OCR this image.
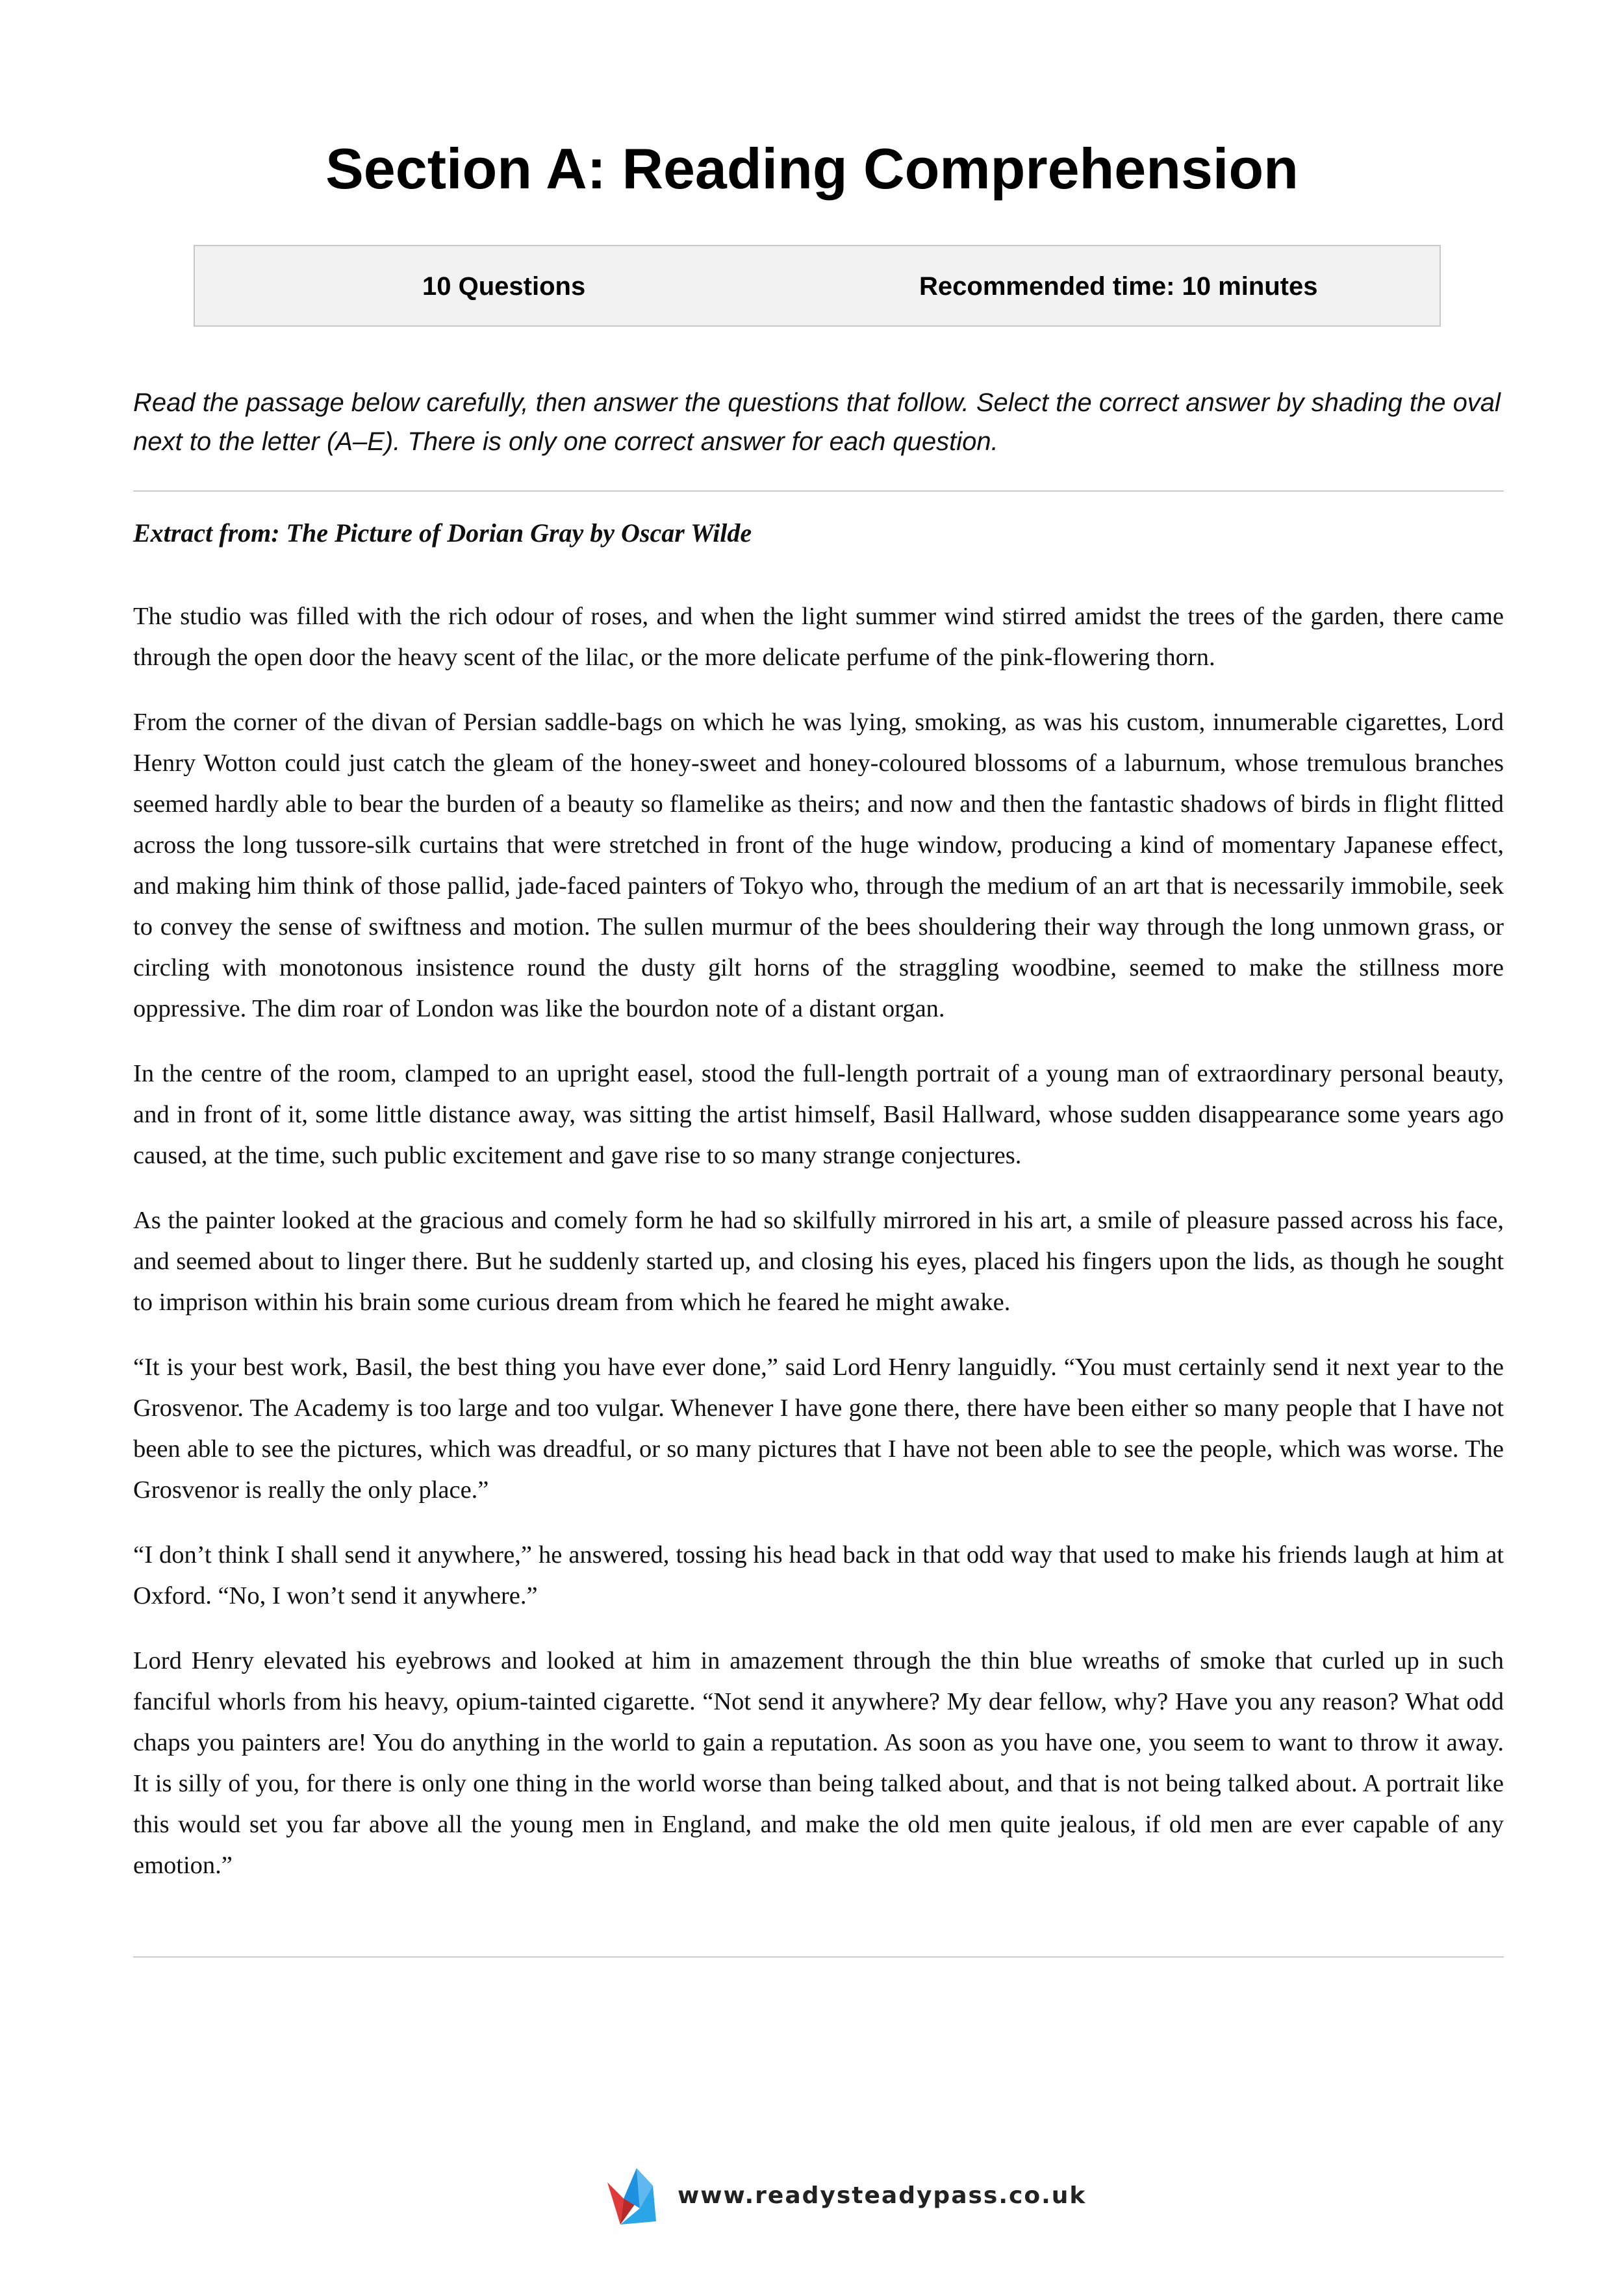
Section A: Reading Comprehension
10 Questions	Recommended time: 10 minutes

Read the passage below carefully, then answer the questions that follow. Select the correct answer by shading the oval next to the letter (A–E). There is only one correct answer for each question.

Extract from: The Picture of Dorian Gray by Oscar Wilde

The studio was filled with the rich odour of roses, and when the light summer wind stirred amidst the trees of the garden, there came through the open door the heavy scent of the lilac, or the more delicate perfume of the pink-flowering thorn.

From the corner of the divan of Persian saddle-bags on which he was lying, smoking, as was his custom, innumerable cigarettes, Lord Henry Wotton could just catch the gleam of the honey-sweet and honey-coloured blossoms of a laburnum, whose tremulous branches seemed hardly able to bear the burden of a beauty so flamelike as theirs; and now and then the fantastic shadows of birds in flight flitted across the long tussore-silk curtains that were stretched in front of the huge window, producing a kind of momentary Japanese effect, and making him think of those pallid, jade-faced painters of Tokyo who, through the medium of an art that is necessarily immobile, seek to convey the sense of swiftness and motion. The sullen murmur of the bees shouldering their way through the long unmown grass, or circling with monotonous insistence round the dusty gilt horns of the straggling woodbine, seemed to make the stillness more oppressive. The dim roar of London was like the bourdon note of a distant organ.

In the centre of the room, clamped to an upright easel, stood the full-length portrait of a young man of extraordinary personal beauty, and in front of it, some little distance away, was sitting the artist himself, Basil Hallward, whose sudden disappearance some years ago caused, at the time, such public excitement and gave rise to so many strange conjectures.

As the painter looked at the gracious and comely form he had so skilfully mirrored in his art, a smile of pleasure passed across his face, and seemed about to linger there. But he suddenly started up, and closing his eyes, placed his fingers upon the lids, as though he sought to imprison within his brain some curious dream from which he feared he might awake.

“It is your best work, Basil, the best thing you have ever done,” said Lord Henry languidly. “You must certainly send it next year to the Grosvenor. The Academy is too large and too vulgar. Whenever I have gone there, there have been either so many people that I have not been able to see the pictures, which was dreadful, or so many pictures that I have not been able to see the people, which was worse. The Grosvenor is really the only place.”

“I don’t think I shall send it anywhere,” he answered, tossing his head back in that odd way that used to make his friends laugh at him at Oxford. “No, I won’t send it anywhere.”

Lord Henry elevated his eyebrows and looked at him in amazement through the thin blue wreaths of smoke that curled up in such fanciful whorls from his heavy, opium-tainted cigarette. “Not send it anywhere? My dear fellow, why? Have you any reason? What odd chaps you painters are! You do anything in the world to gain a reputation. As soon as you have one, you seem to want to throw it away. It is silly of you, for there is only one thing in the world worse than being talked about, and that is not being talked about. A portrait like this would set you far above all the young men in England, and make the old men quite jealous, if old men are ever capable of any emotion.”

www.readysteadypass.co.uk
